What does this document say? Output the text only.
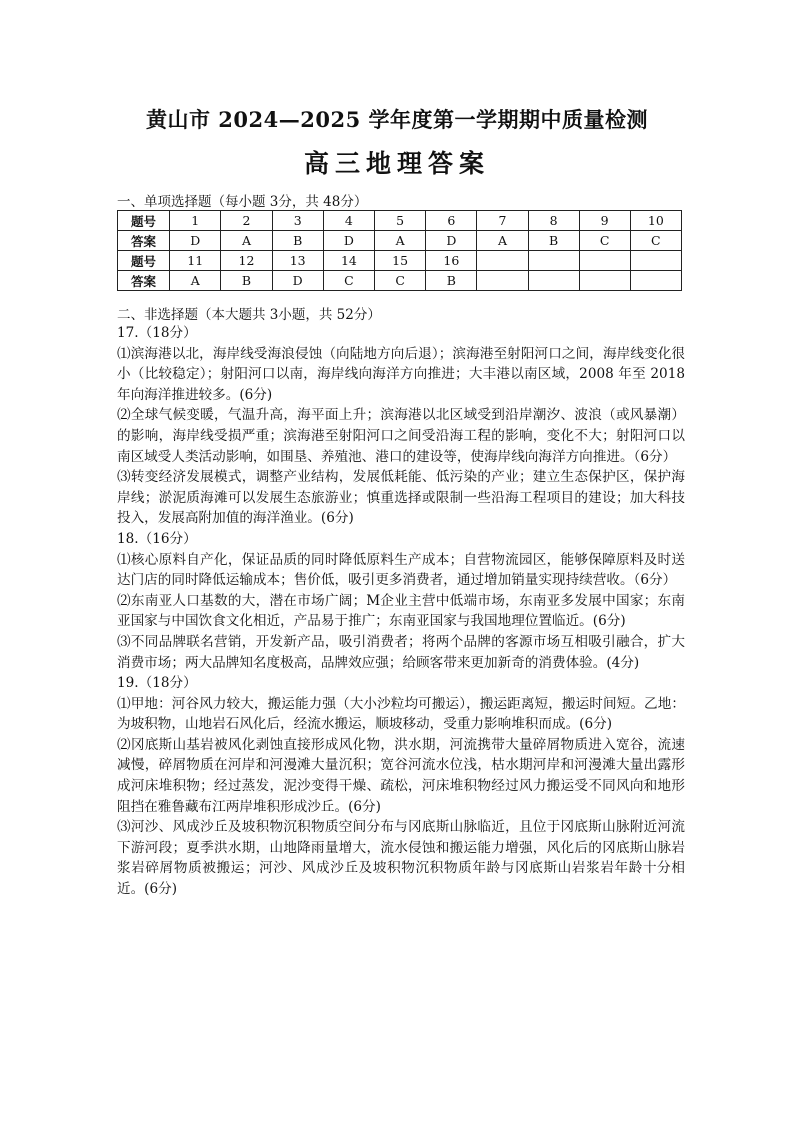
黄山市 2024—2025 学年度第一学期期中质量检测
高三地理答案
一、单项选择题（每小题 3分，共 48分）
题号	1	2	3	4	5	6	7	8	9	10
答案	D	A	B	D	A	D	A	B	C	C
题号	11	12	13	14	15	16				
答案	A	B	D	C	C	B				
二、非选择题（本大题共 3小题，共 52分）

17.（18分）

⑴滨海港以北，海岸线受海浪侵蚀（向陆地方向后退）；滨海港至射阳河口之间，海岸线变化很小（比较稳定）；射阳河口以南，海岸线向海洋方向推进；大丰港以南区域，2008 年至 2018 年向海洋推进较多。(6分)

⑵全球气候变暖，气温升高，海平面上升；滨海港以北区域受到沿岸潮汐、波浪（或风暴潮）的影响，海岸线受损严重；滨海港至射阳河口之间受沿海工程的影响，变化不大；射阳河口以南区域受人类活动影响，如围垦、养殖池、港口的建设等，使海岸线向海洋方向推进。（6分）

⑶转变经济发展模式，调整产业结构，发展低耗能、低污染的产业；建立生态保护区，保护海岸线；淤泥质海滩可以发展生态旅游业；慎重选择或限制一些沿海工程项目的建设；加大科技投入，发展高附加值的海洋渔业。(6分)

18.（16分）

⑴核心原料自产化，保证品质的同时降低原料生产成本；自营物流园区，能够保障原料及时送达门店的同时降低运输成本；售价低，吸引更多消费者，通过增加销量实现持续营收。（6分）

⑵东南亚人口基数的大，潜在市场广阔；M企业主营中低端市场，东南亚多发展中国家；东南亚国家与中国饮食文化相近，产品易于推广；东南亚国家与我国地理位置临近。(6分)

⑶不同品牌联名营销，开发新产品，吸引消费者；将两个品牌的客源市场互相吸引融合，扩大消费市场；两大品牌知名度极高，品牌效应强；给顾客带来更加新奇的消费体验。(4分)

19.（18分）

⑴甲地：河谷风力较大，搬运能力强（大小沙粒均可搬运），搬运距离短，搬运时间短。乙地：为坡积物，山地岩石风化后，经流水搬运，顺坡移动，受重力影响堆积而成。(6分)

⑵冈底斯山基岩被风化剥蚀直接形成风化物，洪水期，河流携带大量碎屑物质进入宽谷，流速减慢，碎屑物质在河岸和河漫滩大量沉积；宽谷河流水位浅，枯水期河岸和河漫滩大量出露形成河床堆积物；经过蒸发，泥沙变得干燥、疏松，河床堆积物经过风力搬运受不同风向和地形阻挡在雅鲁藏布江两岸堆积形成沙丘。(6分)

⑶河沙、风成沙丘及坡积物沉积物质空间分布与冈底斯山脉临近，且位于冈底斯山脉附近河流下游河段；夏季洪水期，山地降雨量增大，流水侵蚀和搬运能力增强，风化后的冈底斯山脉岩浆岩碎屑物质被搬运；河沙、风成沙丘及坡积物沉积物质年龄与冈底斯山岩浆岩年龄十分相近。(6分)
